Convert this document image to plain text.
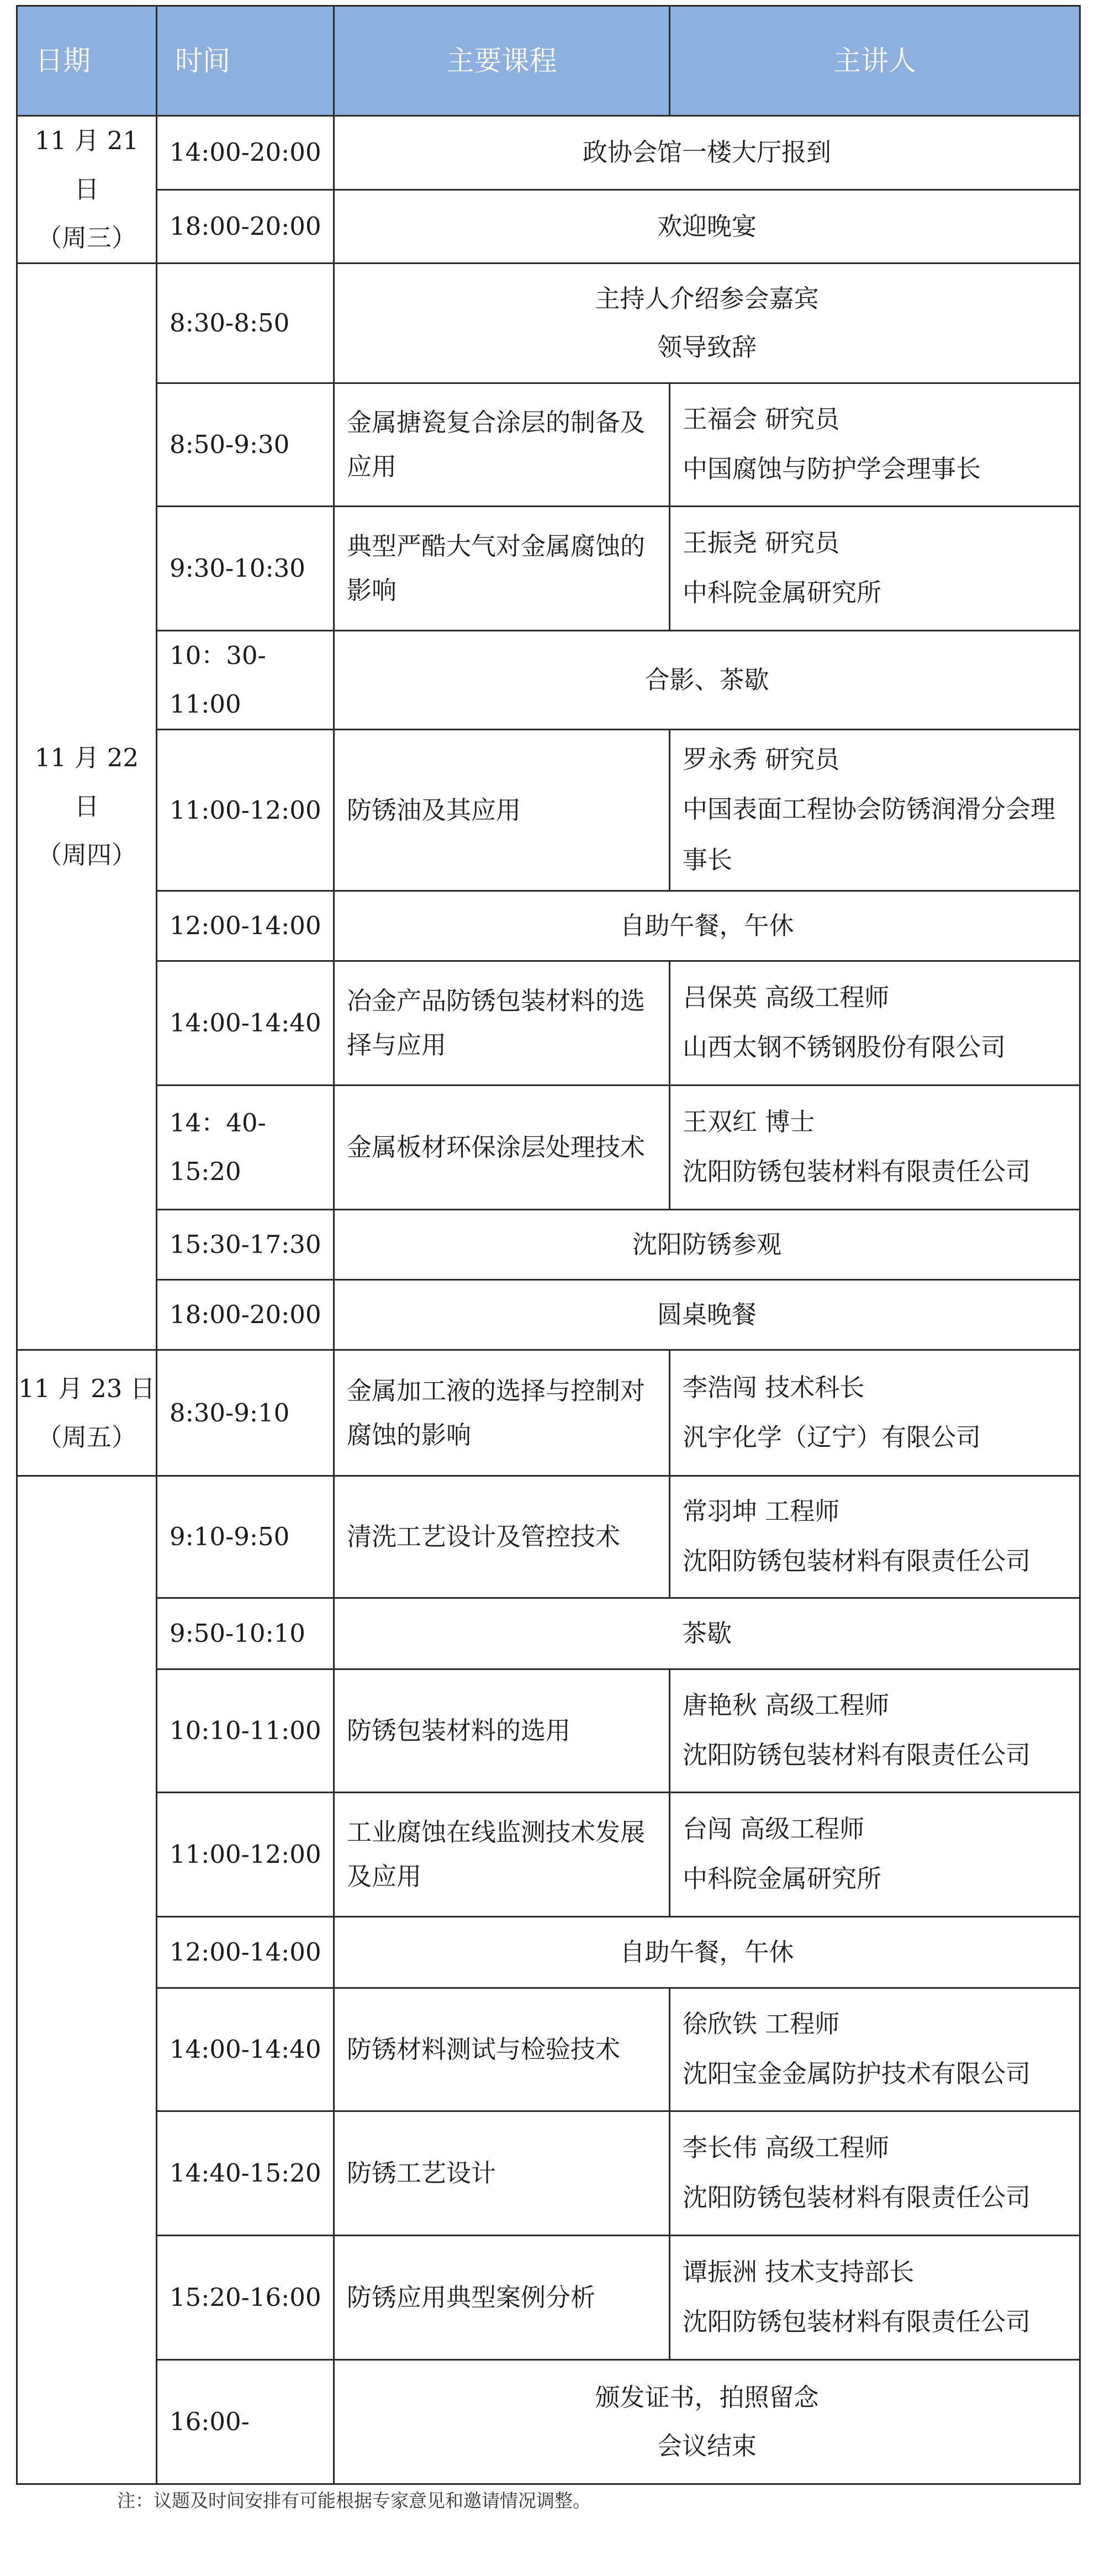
日期	时间	主要课程	主讲人

11 月 21
日
（周三）	14:00-20:00	政协会馆一楼大厅报到	

	18:00-20:00	欢迎晚宴	

11 月 22
日
（周四）	8:30-8:50	主持人介绍参会嘉宾
领导致辞	

	8:50-9:30	金属搪瓷复合涂层的制备及应用	王福会 研究员
中国腐蚀与防护学会理事长

	9:30-10:30	典型严酷大气对金属腐蚀的影响	王振尧 研究员
中科院金属研究所

	10：30-11:00	合影、茶歇	

	11:00-12:00	防锈油及其应用	罗永秀 研究员
中国表面工程协会防锈润滑分会理事长

	12:00-14:00	自助午餐，午休	

	14:00-14:40	冶金产品防锈包装材料的选择与应用	吕保英 高级工程师
山西太钢不锈钢股份有限公司

	14：40-15:20	金属板材环保涂层处理技术	王双红 博士
沈阳防锈包装材料有限责任公司

	15:30-17:30	沈阳防锈参观	

	18:00-20:00	圆桌晚餐	

11 月 23 日
（周五）	8:30-9:10	金属加工液的选择与控制对腐蚀的影响	李浩闯 技术科长
汎宇化学（辽宁）有限公司

	9:10-9:50	清洗工艺设计及管控技术	常羽坤 工程师
沈阳防锈包装材料有限责任公司

	9:50-10:10	茶歇	

	10:10-11:00	防锈包装材料的选用	唐艳秋 高级工程师
沈阳防锈包装材料有限责任公司

	11:00-12:00	工业腐蚀在线监测技术发展及应用	台闯 高级工程师
中科院金属研究所

	12:00-14:00	自助午餐，午休	

	14:00-14:40	防锈材料测试与检验技术	徐欣铁 工程师
沈阳宝金金属防护技术有限公司

	14:40-15:20	防锈工艺设计	李长伟 高级工程师
沈阳防锈包装材料有限责任公司

	15:20-16:00	防锈应用典型案例分析	谭振洲 技术支持部长
沈阳防锈包装材料有限责任公司

	16:00-	颁发证书，拍照留念
会议结束	
注：议题及时间安排有可能根据专家意见和邀请情况调整。
